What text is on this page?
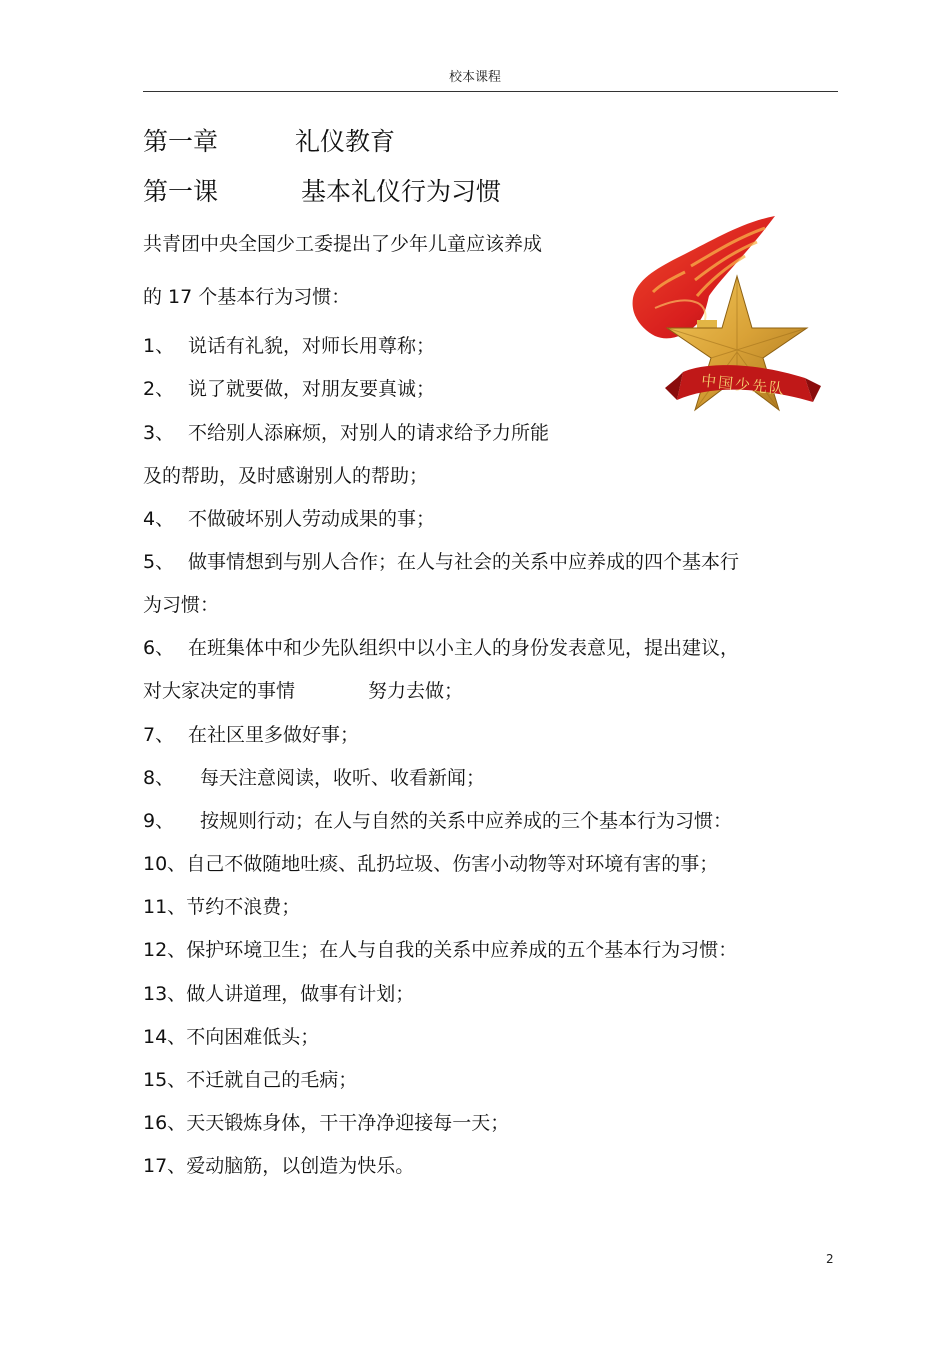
校本课程
第一章	礼仪教育
第一课	基本礼仪行为习惯
共青团中央全国少工委提出了少年儿童应该养成
的 17 个基本行为习惯：
1、 说话有礼貌，对师长用尊称；
2、 说了就要做，对朋友要真诚；
3、 不给别人添麻烦，对别人的请求给予力所能
及的帮助，及时感谢别人的帮助；
4、 不做破坏别人劳动成果的事；
5、 做事情想到与别人合作；在人与社会的关系中应养成的四个基本行
为习惯：
6、 在班集体中和少先队组织中以小主人的身份发表意见，提出建议，
对大家决定的事情	努力去做；
7、 在社区里多做好事；
8、 每天注意阅读，收听、收看新闻；
9、 按规则行动；在人与自然的关系中应养成的三个基本行为习惯：
10、自己不做随地吐痰、乱扔垃圾、伤害小动物等对环境有害的事；
11、节约不浪费；
12、保护环境卫生；在人与自我的关系中应养成的五个基本行为习惯：
13、做人讲道理，做事有计划；
14、不向困难低头；
15、不迁就自己的毛病；
16、天天锻炼身体，干干净净迎接每一天；
17、爱动脑筋，以创造为快乐。
中国少先队
2
